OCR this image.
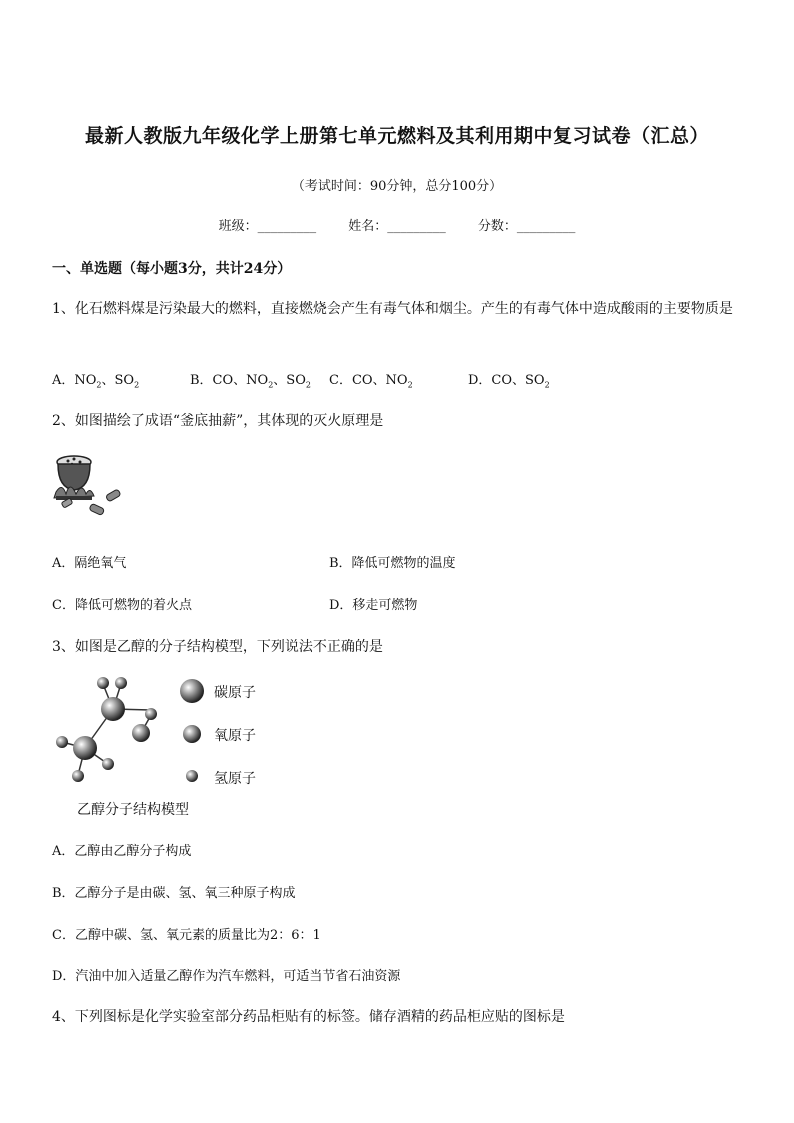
最新人教版九年级化学上册第七单元燃料及其利用期中复习试卷（汇总）
（考试时间：90分钟，总分100分）
班级：_________ 姓名：_________ 分数：_________
一、单选题（每小题3分，共计24分）
1、化石燃料煤是污染最大的燃料，直接燃烧会产生有毒气体和烟尘。产生的有毒气体中造成酸雨的主要物质是
A．$NO_2$、$SO_2$	B．CO、$NO_2$、$SO_2$ C．CO、$NO_2$	D．CO、$SO_2$
2、如图描绘了成语“釜底抽薪”，其体现的灭火原理是
A．隔绝氧气	B．降低可燃物的温度
C．降低可燃物的着火点	D．移走可燃物
3、如图是乙醇的分子结构模型，下列说法不正确的是
碳原子
氧原子
氢原子
乙醇分子结构模型
A．乙醇由乙醇分子构成
B．乙醇分子是由碳、氢、氧三种原子构成
C．乙醇中碳、氢、氧元素的质量比为2：6：1
D．汽油中加入适量乙醇作为汽车燃料，可适当节省石油资源
4、下列图标是化学实验室部分药品柜贴有的标签。储存酒精的药品柜应贴的图标是
